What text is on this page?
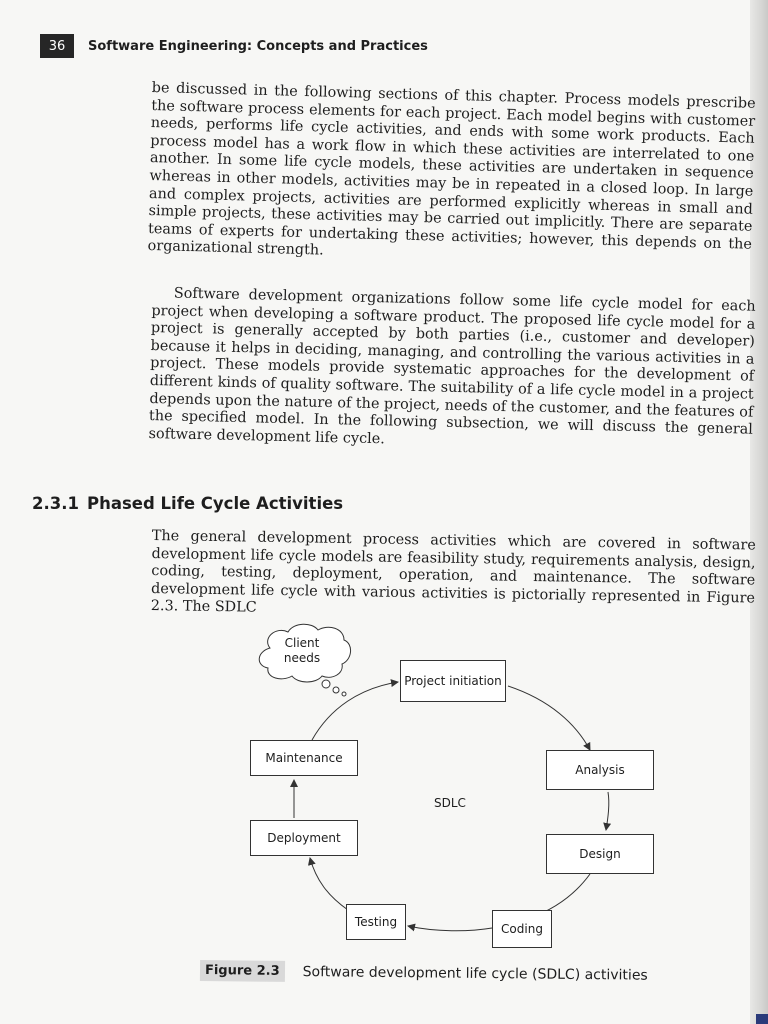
36	Software Engineering: Concepts and Practices

be discussed in the following sections of this chapter. Process models prescribe the software process elements for each project. Each model begins with customer needs, performs life cycle activities, and ends with some work products. Each process model has a work flow in which these activities are interrelated to one another. In some life cycle models, these activities are undertaken in sequence whereas in other models, activities may be in repeated in a closed loop. In large and complex projects, activities are performed explicitly whereas in small and simple projects, these activities may be carried out implicitly. There are separate teams of experts for undertaking these activities; however, this depends on the organizational strength.

Software development organizations follow some life cycle model for each project when developing a software product. The proposed life cycle model for a project is generally accepted by both parties (i.e., customer and developer) because it helps in deciding, managing, and controlling the various activities in a project. These models provide systematic approaches for the development of different kinds of quality software. The suitability of a life cycle model in a project depends upon the nature of the project, needs of the customer, and the features of the specified model. In the following subsection, we will discuss the general software development life cycle.

2.3.1 Phased Life Cycle Activities

The general development process activities which are covered in software development life cycle models are feasibility study, requirements analysis, design, coding, testing, deployment, operation, and maintenance. The software development life cycle with various activities is pictorially represented in Figure 2.3. The SDLC

Client needs
Project initiation
Analysis
Design
Coding
Testing
Deployment
Maintenance
SDLC
Figure 2.3	Software development life cycle (SDLC) activities
